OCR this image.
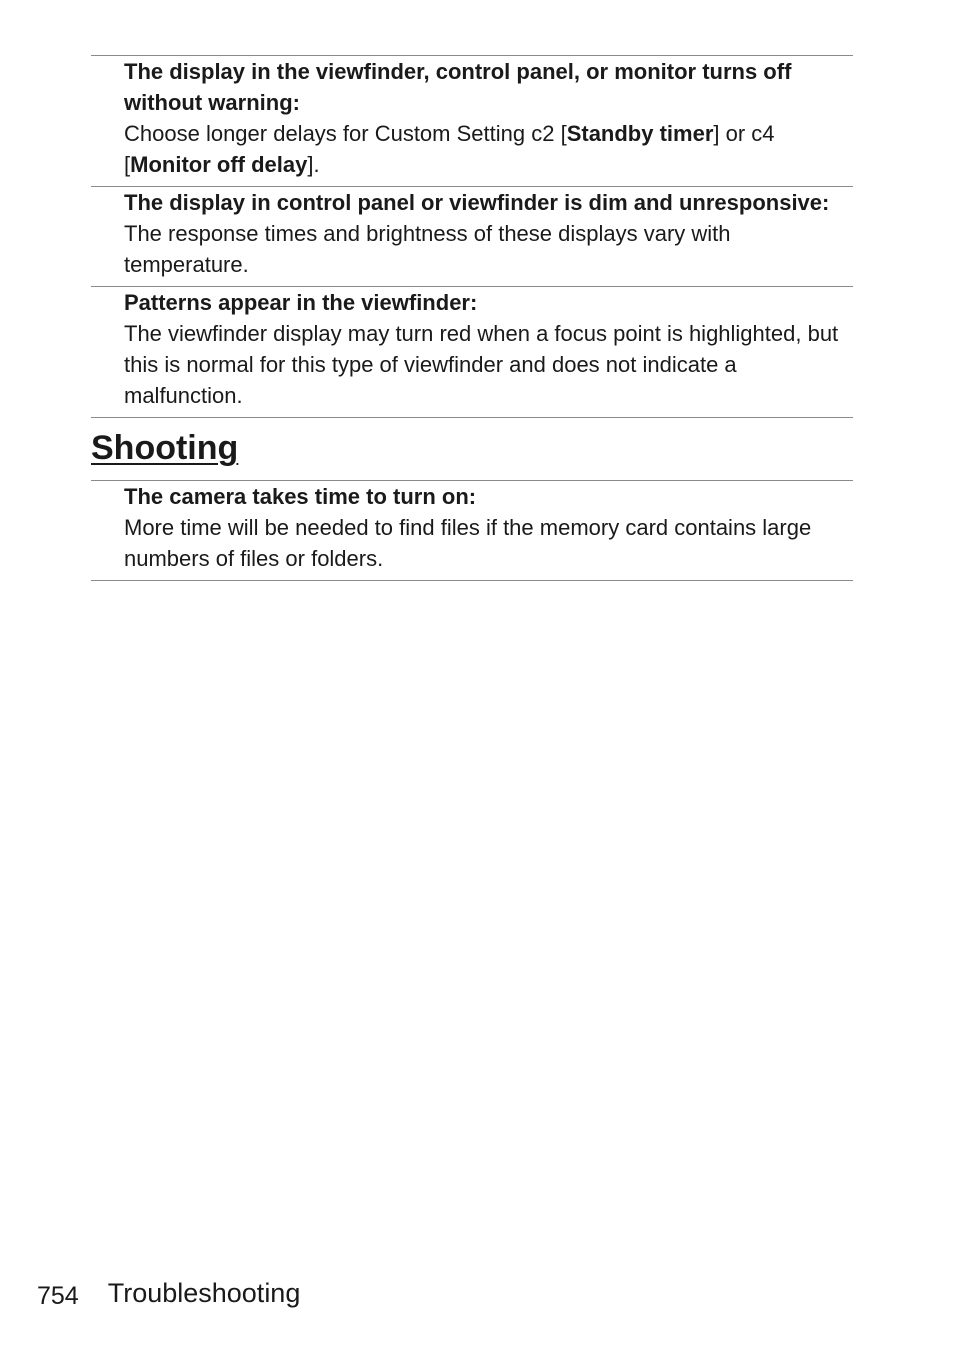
The display in the viewfinder, control panel, or monitor turns off without warning:
Choose longer delays for Custom Setting c2 [Standby timer] or c4 [Monitor off delay].
The display in control panel or viewfinder is dim and unresponsive:
The response times and brightness of these displays vary with temperature.
Patterns appear in the viewfinder:
The viewfinder display may turn red when a focus point is highlighted, but this is normal for this type of viewfinder and does not indicate a malfunction.
Shooting
The camera takes time to turn on:
More time will be needed to find files if the memory card contains large numbers of files or folders.
754 Troubleshooting
